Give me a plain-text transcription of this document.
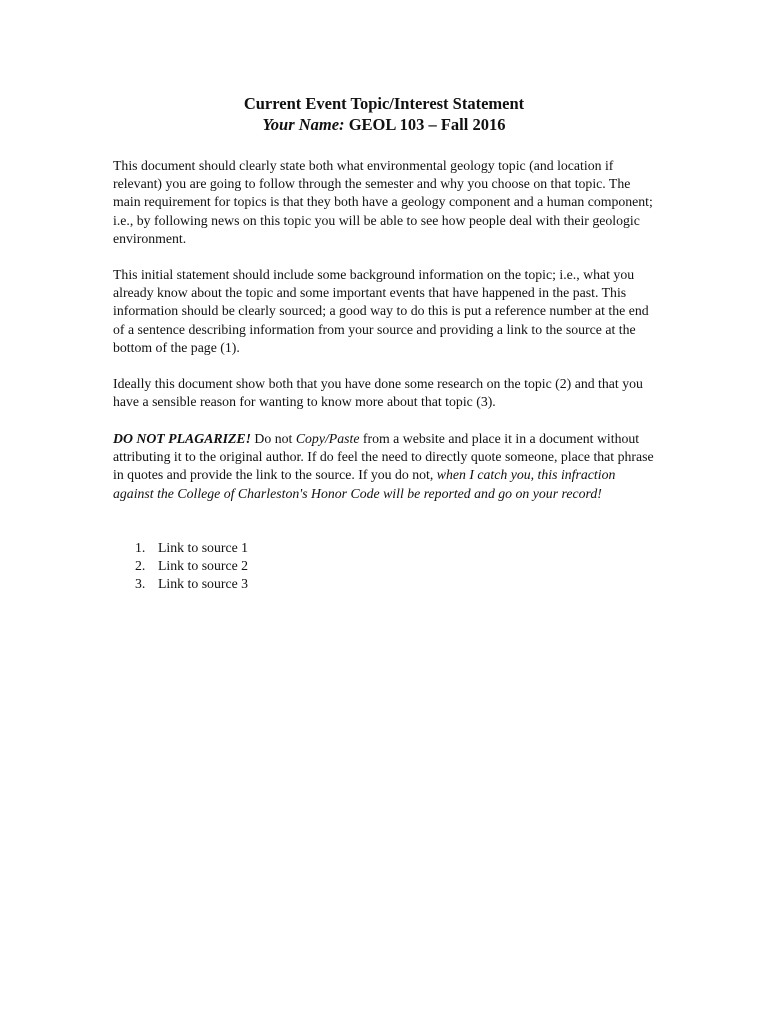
Current Event Topic/Interest Statement
Your Name: GEOL 103 – Fall 2016

This document should clearly state both what environmental geology topic (and location if relevant) you are going to follow through the semester and why you choose on that topic. The main requirement for topics is that they both have a geology component and a human component; i.e., by following news on this topic you will be able to see how people deal with their geologic environment.

This initial statement should include some background information on the topic; i.e., what you already know about the topic and some important events that have happened in the past. This information should be clearly sourced; a good way to do this is put a reference number at the end of a sentence describing information from your source and providing a link to the source at the bottom of the page (1).

Ideally this document show both that you have done some research on the topic (2) and that you have a sensible reason for wanting to know more about that topic (3).

DO NOT PLAGARIZE! Do not Copy/Paste from a website and place it in a document without attributing it to the original author. If do feel the need to directly quote someone, place that phrase in quotes and provide the link to the source. If you do not, when I catch you, this infraction against the College of Charleston's Honor Code will be reported and go on your record!

1. Link to source 1
2. Link to source 2
3. Link to source 3
